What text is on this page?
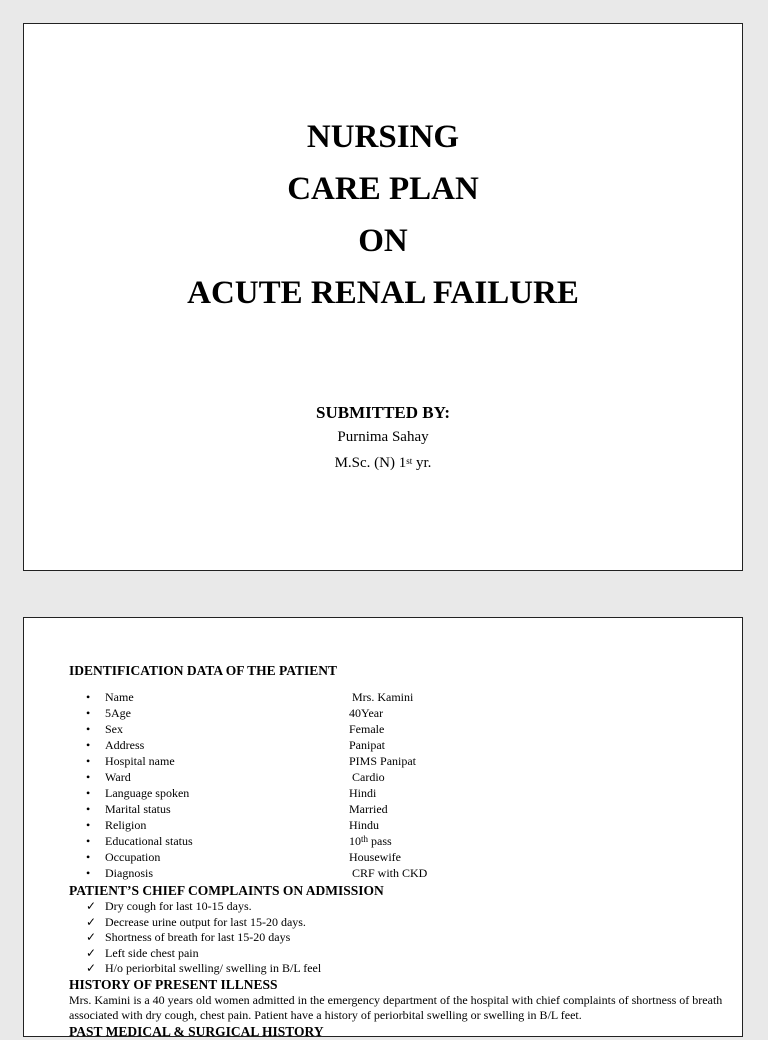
NURSING
CARE PLAN
ON
ACUTE RENAL FAILURE
SUBMITTED BY:
Purnima Sahay
M.Sc. (N) 1st yr.

IDENTIFICATION DATA OF THE PATIENT

• Name	Mrs. Kamini
• 5Age	40Year
• Sex	Female
• Address	Panipat
• Hospital name	PIMS Panipat
• Ward	Cardio
• Language spoken	Hindi
• Marital status	Married
• Religion	Hindu
• Educational status	10th pass
• Occupation	Housewife
• Diagnosis	CRF with CKD

PATIENT’S CHIEF COMPLAINTS ON ADMISSION

✓ Dry cough for last 10-15 days.
✓ Decrease urine output for last 15-20 days.
✓ Shortness of breath for last 15-20 days
✓ Left side chest pain
✓ H/o periorbital swelling/ swelling in B/L feel

HISTORY OF PRESENT ILLNESS

Mrs. Kamini is a 40 years old women admitted in the emergency department of the hospital with chief complaints of shortness of breath associated with dry cough, chest pain. Patient have a history of periorbital swelling or swelling in B/L feet.

PAST MEDICAL & SURGICAL HISTORY
